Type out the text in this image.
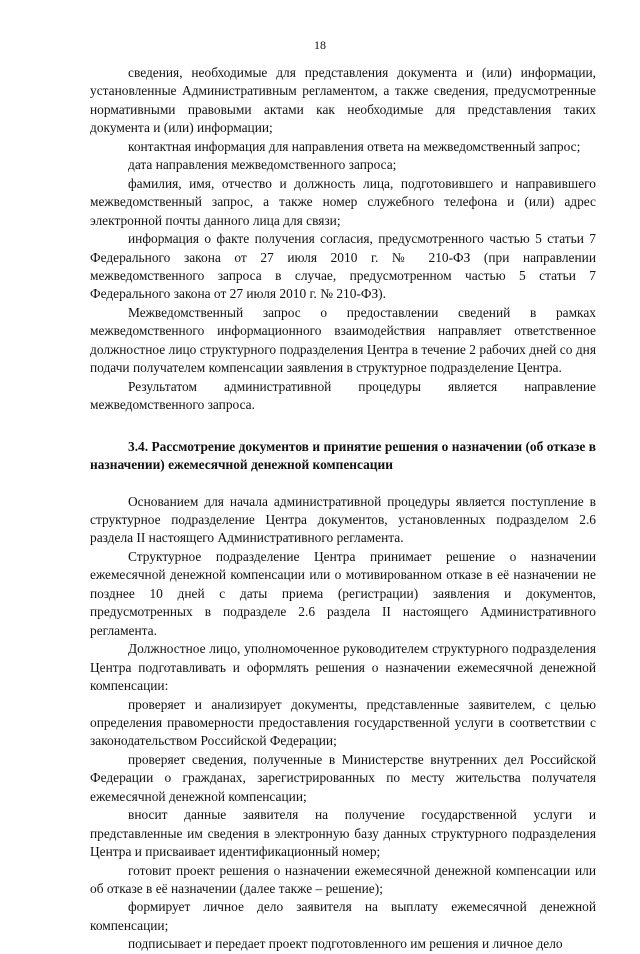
18

сведения, необходимые для представления документа и (или) информации, установленные Административным регламентом, а также сведения, предусмотренные нормативными правовыми актами как необходимые для представления таких документа и (или) информации;

контактная информация для направления ответа на межведомственный запрос;

дата направления межведомственного запроса;

фамилия, имя, отчество и должность лица, подготовившего и направившего межведомственный запрос, а также номер служебного телефона и (или) адрес электронной почты данного лица для связи;

информация о факте получения согласия, предусмотренного частью 5 статьи 7 Федерального закона от 27 июля 2010 г. № 210-ФЗ (при направлении межведомственного запроса в случае, предусмотренном частью 5 статьи 7 Федерального закона от 27 июля 2010 г. № 210-ФЗ).

Межведомственный запрос о предоставлении сведений в рамках межведомственного информационного взаимодействия направляет ответственное должностное лицо структурного подразделения Центра в течение 2 рабочих дней со дня подачи получателем компенсации заявления в структурное подразделение Центра.

Результатом административной процедуры является направление межведомственного запроса.

3.4. Рассмотрение документов и принятие решения о назначении (об отказе в назначении) ежемесячной денежной компенсации

Основанием для начала административной процедуры является поступление в структурное подразделение Центра документов, установленных подразделом 2.6 раздела II настоящего Административного регламента.

Структурное подразделение Центра принимает решение о назначении ежемесячной денежной компенсации или о мотивированном отказе в её назначении не позднее 10 дней с даты приема (регистрации) заявления и документов, предусмотренных в подразделе 2.6 раздела II настоящего Административного регламента.

Должностное лицо, уполномоченное руководителем структурного подразделения Центра подготавливать и оформлять решения о назначении ежемесячной денежной компенсации:

проверяет и анализирует документы, представленные заявителем, с целью определения правомерности предоставления государственной услуги в соответствии с законодательством Российской Федерации;

проверяет сведения, полученные в Министерстве внутренних дел Российской Федерации о гражданах, зарегистрированных по месту жительства получателя ежемесячной денежной компенсации;

вносит данные заявителя на получение государственной услуги и представленные им сведения в электронную базу данных структурного подразделения Центра и присваивает идентификационный номер;

готовит проект решения о назначении ежемесячной денежной компенсации или об отказе в её назначении (далее также – решение);

формирует личное дело заявителя на выплату ежемесячной денежной компенсации;

подписывает и передает проект подготовленного им решения и личное дело
